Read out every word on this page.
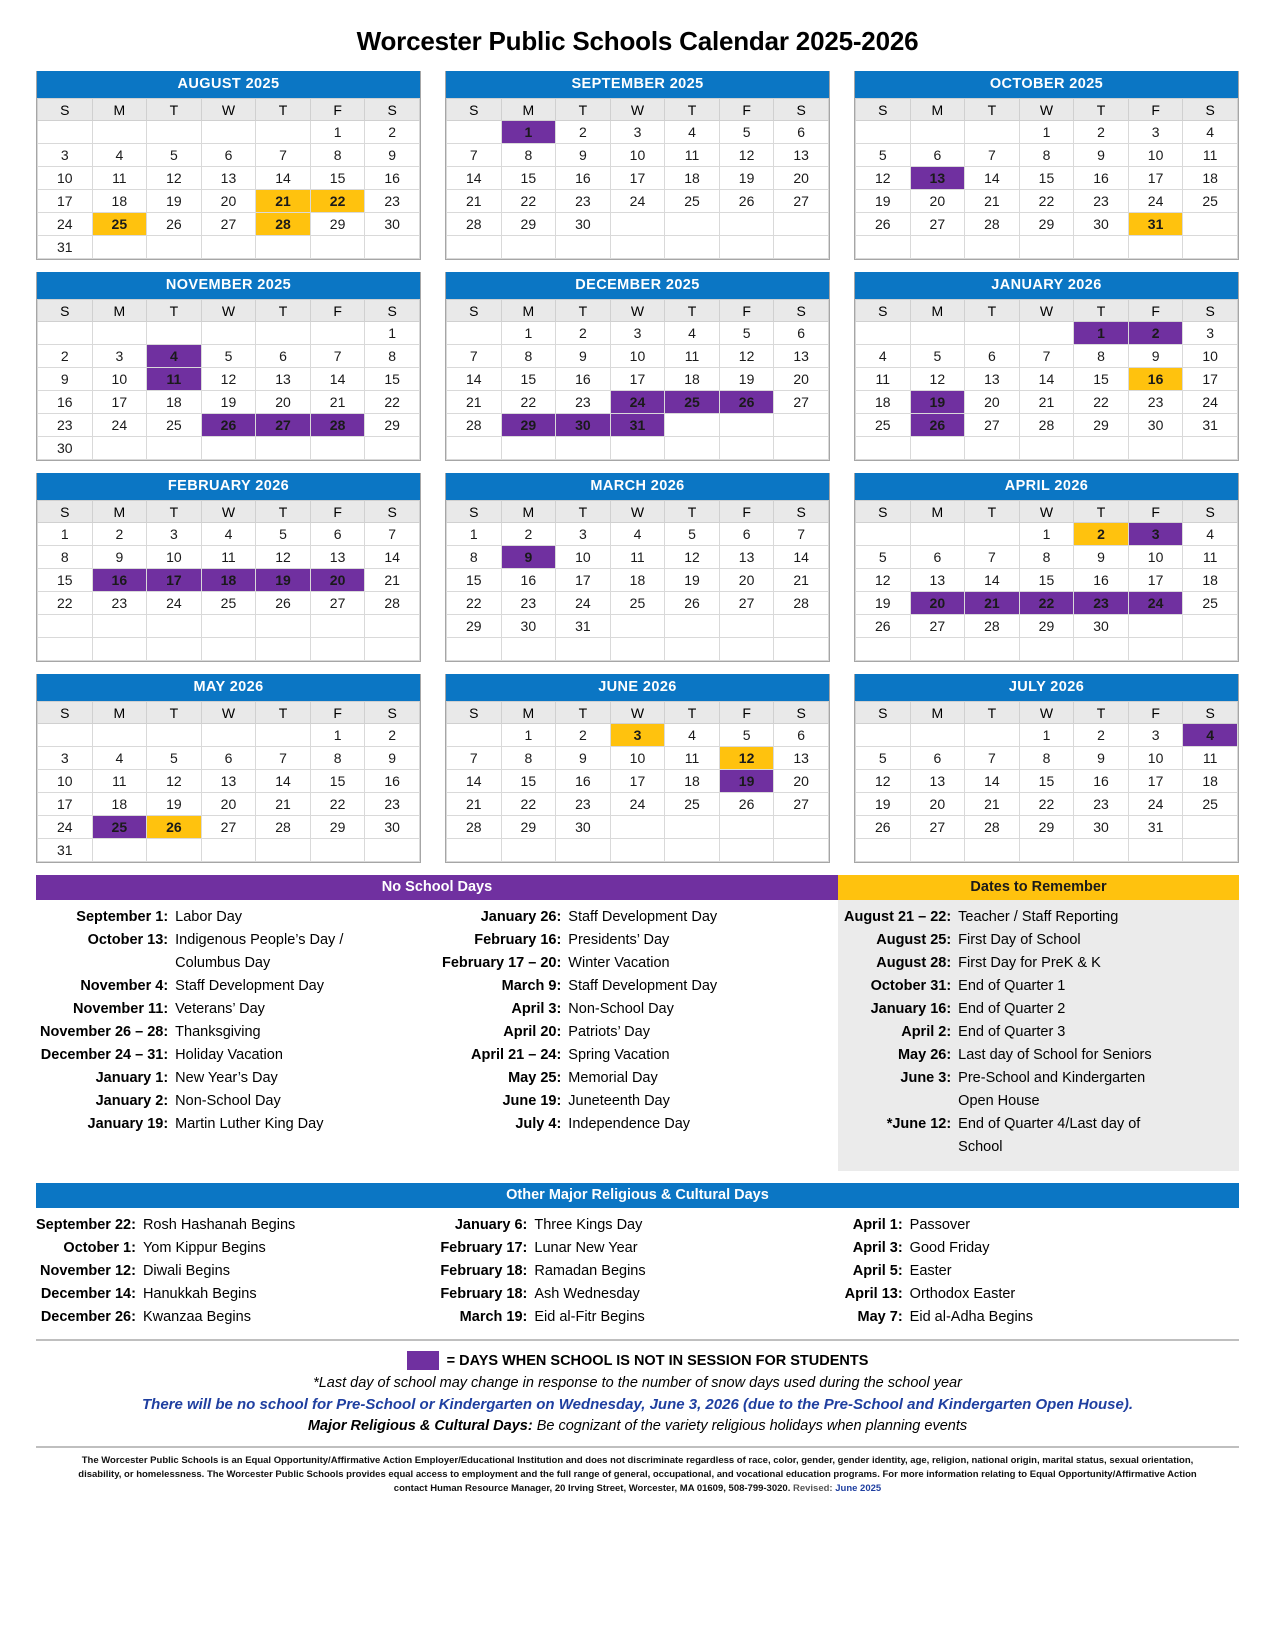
Worcester Public Schools Calendar 2025-2026
AUGUST 2025
S	M	T	W	T	F	S
					1	2
3	4	5	6	7	8	9
10	11	12	13	14	15	16
17	18	19	20	21	22	23
24	25	26	27	28	29	30
31						
SEPTEMBER 2025
S	M	T	W	T	F	S
	1	2	3	4	5	6
7	8	9	10	11	12	13
14	15	16	17	18	19	20
21	22	23	24	25	26	27
28	29	30				

OCTOBER 2025
S	M	T	W	T	F	S
			1	2	3	4
5	6	7	8	9	10	11
12	13	14	15	16	17	18
19	20	21	22	23	24	25
26	27	28	29	30	31	

NOVEMBER 2025
S	M	T	W	T	F	S
						1
2	3	4	5	6	7	8
9	10	11	12	13	14	15
16	17	18	19	20	21	22
23	24	25	26	27	28	29
30						
DECEMBER 2025
S	M	T	W	T	F	S
	1	2	3	4	5	6
7	8	9	10	11	12	13
14	15	16	17	18	19	20
21	22	23	24	25	26	27
28	29	30	31			

JANUARY 2026
S	M	T	W	T	F	S
				1	2	3
4	5	6	7	8	9	10
11	12	13	14	15	16	17
18	19	20	21	22	23	24
25	26	27	28	29	30	31

FEBRUARY 2026
S	M	T	W	T	F	S
1	2	3	4	5	6	7
8	9	10	11	12	13	14
15	16	17	18	19	20	21
22	23	24	25	26	27	28

MARCH 2026
S	M	T	W	T	F	S
1	2	3	4	5	6	7
8	9	10	11	12	13	14
15	16	17	18	19	20	21
22	23	24	25	26	27	28
29	30	31				

APRIL 2026
S	M	T	W	T	F	S
			1	2	3	4
5	6	7	8	9	10	11
12	13	14	15	16	17	18
19	20	21	22	23	24	25
26	27	28	29	30		

MAY 2026
S	M	T	W	T	F	S
					1	2
3	4	5	6	7	8	9
10	11	12	13	14	15	16
17	18	19	20	21	22	23
24	25	26	27	28	29	30
31						
JUNE 2026
S	M	T	W	T	F	S
	1	2	3	4	5	6
7	8	9	10	11	12	13
14	15	16	17	18	19	20
21	22	23	24	25	26	27
28	29	30				

JULY 2026
S	M	T	W	T	F	S
			1	2	3	4
5	6	7	8	9	10	11
12	13	14	15	16	17	18
19	20	21	22	23	24	25
26	27	28	29	30	31	

No School Days
September 1: Labor Day
October 13: Indigenous People’s Day /
Columbus Day
November 4: Staff Development Day
November 11: Veterans’ Day
November 26 – 28: Thanksgiving
December 24 – 31: Holiday Vacation
January 1: New Year’s Day
January 2: Non-School Day
January 19: Martin Luther King Day
January 26: Staff Development Day
February 16: Presidents’ Day
February 17 – 20: Winter Vacation
March 9: Staff Development Day
April 3: Non-School Day
April 20: Patriots’ Day
April 21 – 24: Spring Vacation
May 25: Memorial Day
June 19: Juneteenth Day
July 4: Independence Day
Dates to Remember
August 21 – 22: Teacher / Staff Reporting
August 25: First Day of School
August 28: First Day for PreK & K
October 31: End of Quarter 1
January 16: End of Quarter 2
April 2: End of Quarter 3
May 26: Last day of School for Seniors
June 3: Pre-School and Kindergarten
Open House
*June 12: End of Quarter 4/Last day of
School
Other Major Religious & Cultural Days
September 22: Rosh Hashanah Begins
October 1: Yom Kippur Begins
November 12: Diwali Begins
December 14: Hanukkah Begins
December 26: Kwanzaa Begins
January 6: Three Kings Day
February 17: Lunar New Year
February 18: Ramadan Begins
February 18: Ash Wednesday
March 19: Eid al-Fitr Begins
April 1: Passover
April 3: Good Friday
April 5: Easter
April 13: Orthodox Easter
May 7: Eid al-Adha Begins
= DAYS WHEN SCHOOL IS NOT IN SESSION FOR STUDENTS
*Last day of school may change in response to the number of snow days used during the school year
There will be no school for Pre-School or Kindergarten on Wednesday, June 3, 2026 (due to the Pre-School and Kindergarten Open House).
Major Religious & Cultural Days: Be cognizant of the variety religious holidays when planning events
The Worcester Public Schools is an Equal Opportunity/Affirmative Action Employer/Educational Institution and does not discriminate regardless of race, color, gender, gender identity, age, religion, national origin, marital status, sexual orientation, disability, or homelessness. The Worcester Public Schools provides equal access to employment and the full range of general, occupational, and vocational education programs. For more information relating to Equal Opportunity/Affirmative Action contact Human Resource Manager, 20 Irving Street, Worcester, MA 01609, 508-799-3020. Revised: June 2025
